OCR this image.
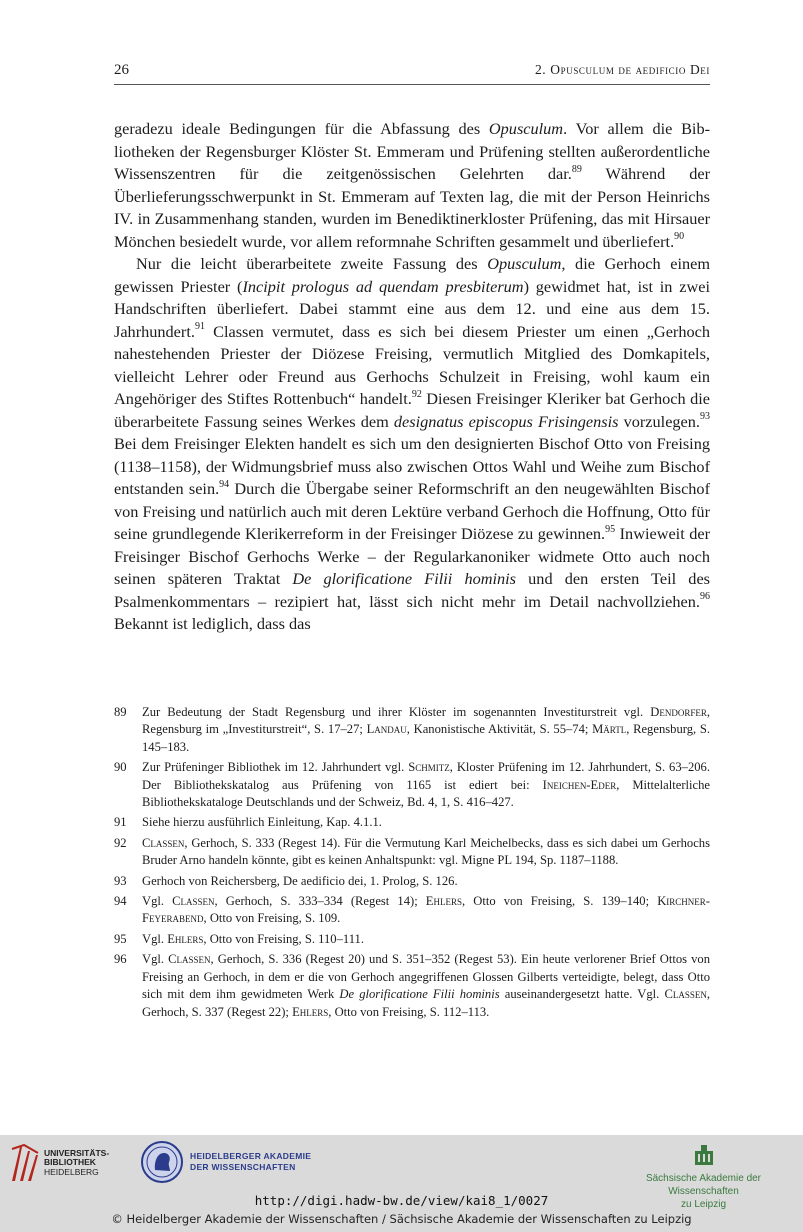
26	2. Opusculum de aedificio Dei

geradezu ideale Bedingungen für die Abfassung des Opusculum. Vor allem die Bibliotheken der Regensburger Klöster St. Emmeram und Prüfening stellten außerordentliche Wissenszentren für die zeitgenössischen Gelehrten dar.$^{89}$ Während der Überlieferungsschwerpunkt in St. Emmeram auf Texten lag, die mit der Person Heinrichs IV. in Zusammenhang standen, wurden im Benediktinerkloster Prüfening, das mit Hirsauer Mönchen besiedelt wurde, vor allem reformnahe Schriften gesammelt und überliefert.$^{90}$

Nur die leicht überarbeitete zweite Fassung des Opusculum, die Gerhoch einem gewissen Priester (Incipit prologus ad quendam presbiterum) gewidmet hat, ist in zwei Handschriften überliefert. Dabei stammt eine aus dem 12. und eine aus dem 15. Jahrhundert.$^{91}$ Classen vermutet, dass es sich bei diesem Priester um einen „Gerhoch nahestehenden Priester der Diözese Freising, vermutlich Mitglied des Domkapitels, vielleicht Lehrer oder Freund aus Gerhochs Schulzeit in Freising, wohl kaum ein Angehöriger des Stiftes Rottenbuch“ handelt.$^{92}$ Diesen Freisinger Kleriker bat Gerhoch die überarbeitete Fassung seines Werkes dem designatus episcopus Frisingensis vorzulegen.$^{93}$ Bei dem Freisinger Elekten handelt es sich um den designierten Bischof Otto von Freising (1138–1158), der Widmungsbrief muss also zwischen Ottos Wahl und Weihe zum Bischof entstanden sein.$^{94}$ Durch die Übergabe seiner Reformschrift an den neugewählten Bischof von Freising und natürlich auch mit deren Lektüre verband Gerhoch die Hoffnung, Otto für seine grundlegende Klerikerreform in der Freisinger Diözese zu gewinnen.$^{95}$ Inwieweit der Freisinger Bischof Gerhochs Werke – der Regularkanoniker widmete Otto auch noch seinen späteren Traktat De glorificatione Filii hominis und den ersten Teil des Psalmenkommentars – rezipiert hat, lässt sich nicht mehr im Detail nachvollziehen.$^{96}$ Bekannt ist lediglich, dass das

89	Zur Bedeutung der Stadt Regensburg und ihrer Klöster im sogenannten Investiturstreit vgl. Dendorfer, Regensburg im „Investiturstreit“, S. 17–27; Landau, Kanonistische Aktivität, S. 55–74; Märtl, Regensburg, S. 145–183.
90	Zur Prüfeninger Bibliothek im 12. Jahrhundert vgl. Schmitz, Kloster Prüfening im 12. Jahrhundert, S. 63–206. Der Bibliothekskatalog aus Prüfening von 1165 ist ediert bei: Ineichen-Eder, Mittelalterliche Bibliothekskataloge Deutschlands und der Schweiz, Bd. 4, 1, S. 416–427.
91	Siehe hierzu ausführlich Einleitung, Kap. 4.1.1.
92	Classen, Gerhoch, S. 333 (Regest 14). Für die Vermutung Karl Meichelbecks, dass es sich dabei um Gerhochs Bruder Arno handeln könnte, gibt es keinen Anhaltspunkt: vgl. Migne PL 194, Sp. 1187–1188.
93	Gerhoch von Reichersberg, De aedificio dei, 1. Prolog, S. 126.
94	Vgl. Classen, Gerhoch, S. 333–334 (Regest 14); Ehlers, Otto von Freising, S. 139–140; Kirchner-Feyerabend, Otto von Freising, S. 109.
95	Vgl. Ehlers, Otto von Freising, S. 110–111.
96	Vgl. Classen, Gerhoch, S. 336 (Regest 20) und S. 351–352 (Regest 53). Ein heute verlorener Brief Ottos von Freising an Gerhoch, in dem er die von Gerhoch angegriffenen Glossen Gilberts verteidigte, belegt, dass Otto sich mit dem ihm gewidmeten Werk De glorificatione Filii hominis auseinandergesetzt hatte. Vgl. Classen, Gerhoch, S. 337 (Regest 22); Ehlers, Otto von Freising, S. 112–113.
UNIVERSITÄTS-
BIBLIOTHEK
HEIDELBERG
HEIDELBERGER AKADEMIE
DER WISSENSCHAFTEN
Sächsische Akademie der Wissenschaften
zu Leipzig
http://digi.hadw-bw.de/view/kai8_1/0027
© Heidelberger Akademie der Wissenschaften / Sächsische Akademie der Wissenschaften zu Leipzig
